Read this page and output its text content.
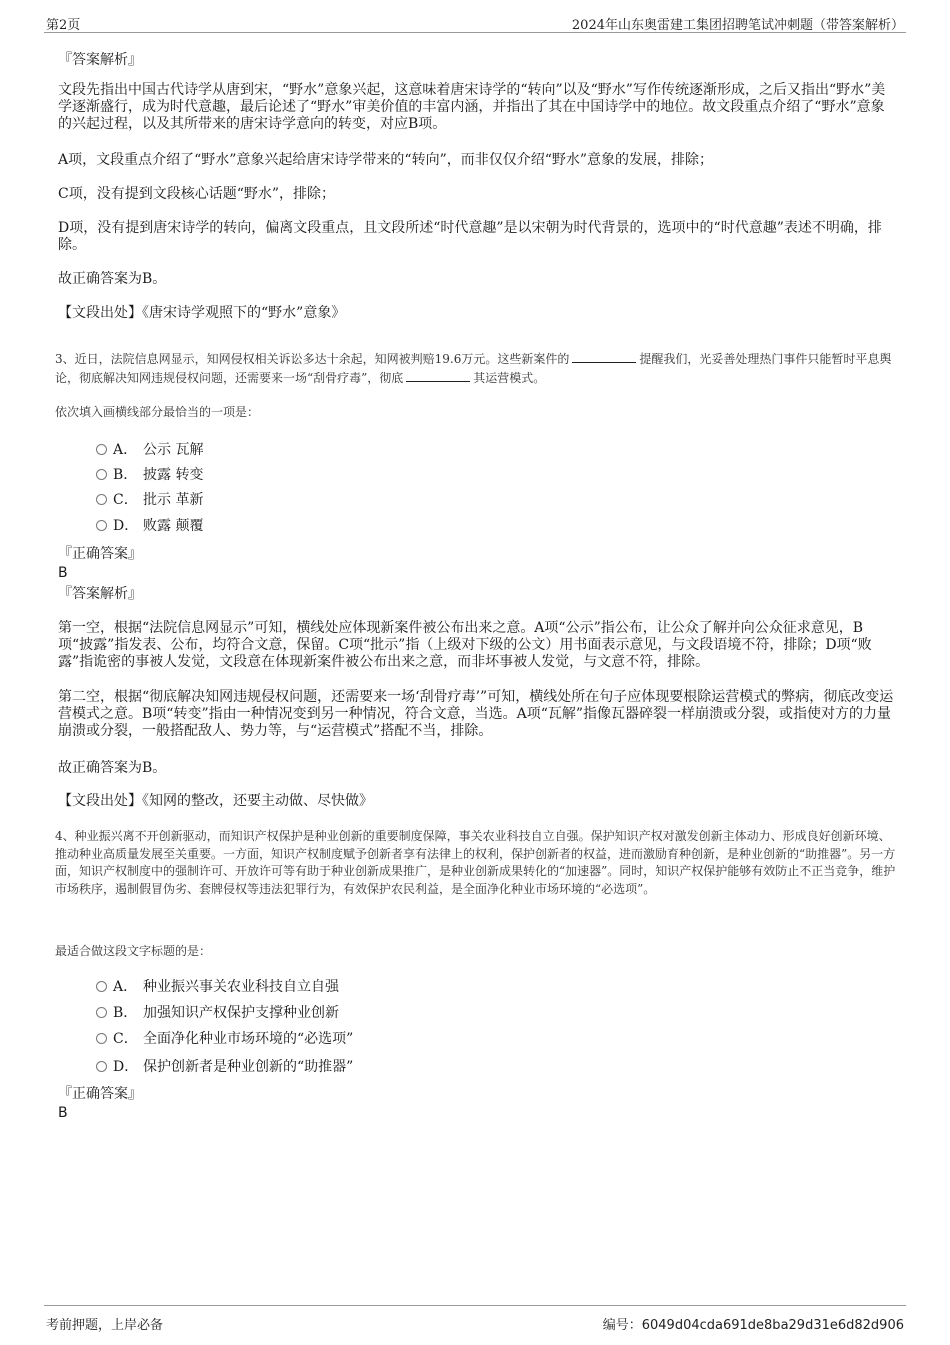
第2页	2024年山东奥雷建工集团招聘笔试冲刺题（带答案解析）
『答案解析』
文段先指出中国古代诗学从唐到宋，“野水”意象兴起，这意味着唐宋诗学的“转向”以及“野水”写作传统逐渐形成，之后又指出“野水”美学逐渐盛行，成为时代意趣，最后论述了“野水”审美价值的丰富内涵，并指出了其在中国诗学中的地位。故文段重点介绍了“野水”意象的兴起过程，以及其所带来的唐宋诗学意向的转变，对应B项。
A项，文段重点介绍了“野水”意象兴起给唐宋诗学带来的“转向”，而非仅仅介绍“野水”意象的发展，排除；
C项，没有提到文段核心话题“野水”，排除；
D项，没有提到唐宋诗学的转向，偏离文段重点，且文段所述“时代意趣”是以宋朝为时代背景的，选项中的“时代意趣”表述不明确，排除。
故正确答案为B。
【文段出处】《唐宋诗学观照下的“野水”意象》
3、近日，法院信息网显示，知网侵权相关诉讼多达十余起，知网被判赔19.6万元。这些新案件的	提醒我们，光妥善处理热门事件只能暂时平息舆论，彻底解决知网违规侵权问题，还需要来一场“刮骨疗毒”，彻底	其运营模式。
依次填入画横线部分最恰当的一项是：
A． 公示 瓦解
B． 披露 转变
C． 批示 革新
D． 败露 颠覆
『正确答案』
B
『答案解析』
第一空，根据“法院信息网显示”可知，横线处应体现新案件被公布出来之意。A项“公示”指公布，让公众了解并向公众征求意见，B项“披露”指发表、公布，均符合文意，保留。C项“批示”指（上级对下级的公文）用书面表示意见，与文段语境不符，排除；D项“败露”指诡密的事被人发觉，文段意在体现新案件被公布出来之意，而非坏事被人发觉，与文意不符，排除。
第二空，根据“彻底解决知网违规侵权问题，还需要来一场‘刮骨疗毒’”可知，横线处所在句子应体现要根除运营模式的弊病，彻底改变运营模式之意。B项“转变”指由一种情况变到另一种情况，符合文意，当选。A项“瓦解”指像瓦器碎裂一样崩溃或分裂，或指使对方的力量崩溃或分裂，一般搭配敌人、势力等，与“运营模式”搭配不当，排除。
故正确答案为B。
【文段出处】《知网的整改，还要主动做、尽快做》
4、种业振兴离不开创新驱动，而知识产权保护是种业创新的重要制度保障，事关农业科技自立自强。保护知识产权对激发创新主体动力、形成良好创新环境、推动种业高质量发展至关重要。一方面，知识产权制度赋予创新者享有法律上的权利，保护创新者的权益，进而激励育种创新，是种业创新的“助推器”。另一方面，知识产权制度中的强制许可、开放许可等有助于种业创新成果推广，是种业创新成果转化的“加速器”。同时，知识产权保护能够有效防止不正当竞争，维护市场秩序，遏制假冒伪劣、套牌侵权等违法犯罪行为，有效保护农民利益，是全面净化种业市场环境的“必选项”。
最适合做这段文字标题的是：
A． 种业振兴事关农业科技自立自强
B． 加强知识产权保护支撑种业创新
C． 全面净化种业市场环境的“必选项”
D． 保护创新者是种业创新的“助推器”
『正确答案』
B
考前押题，上岸必备	编号：6049d04cda691de8ba29d31e6d82d906
